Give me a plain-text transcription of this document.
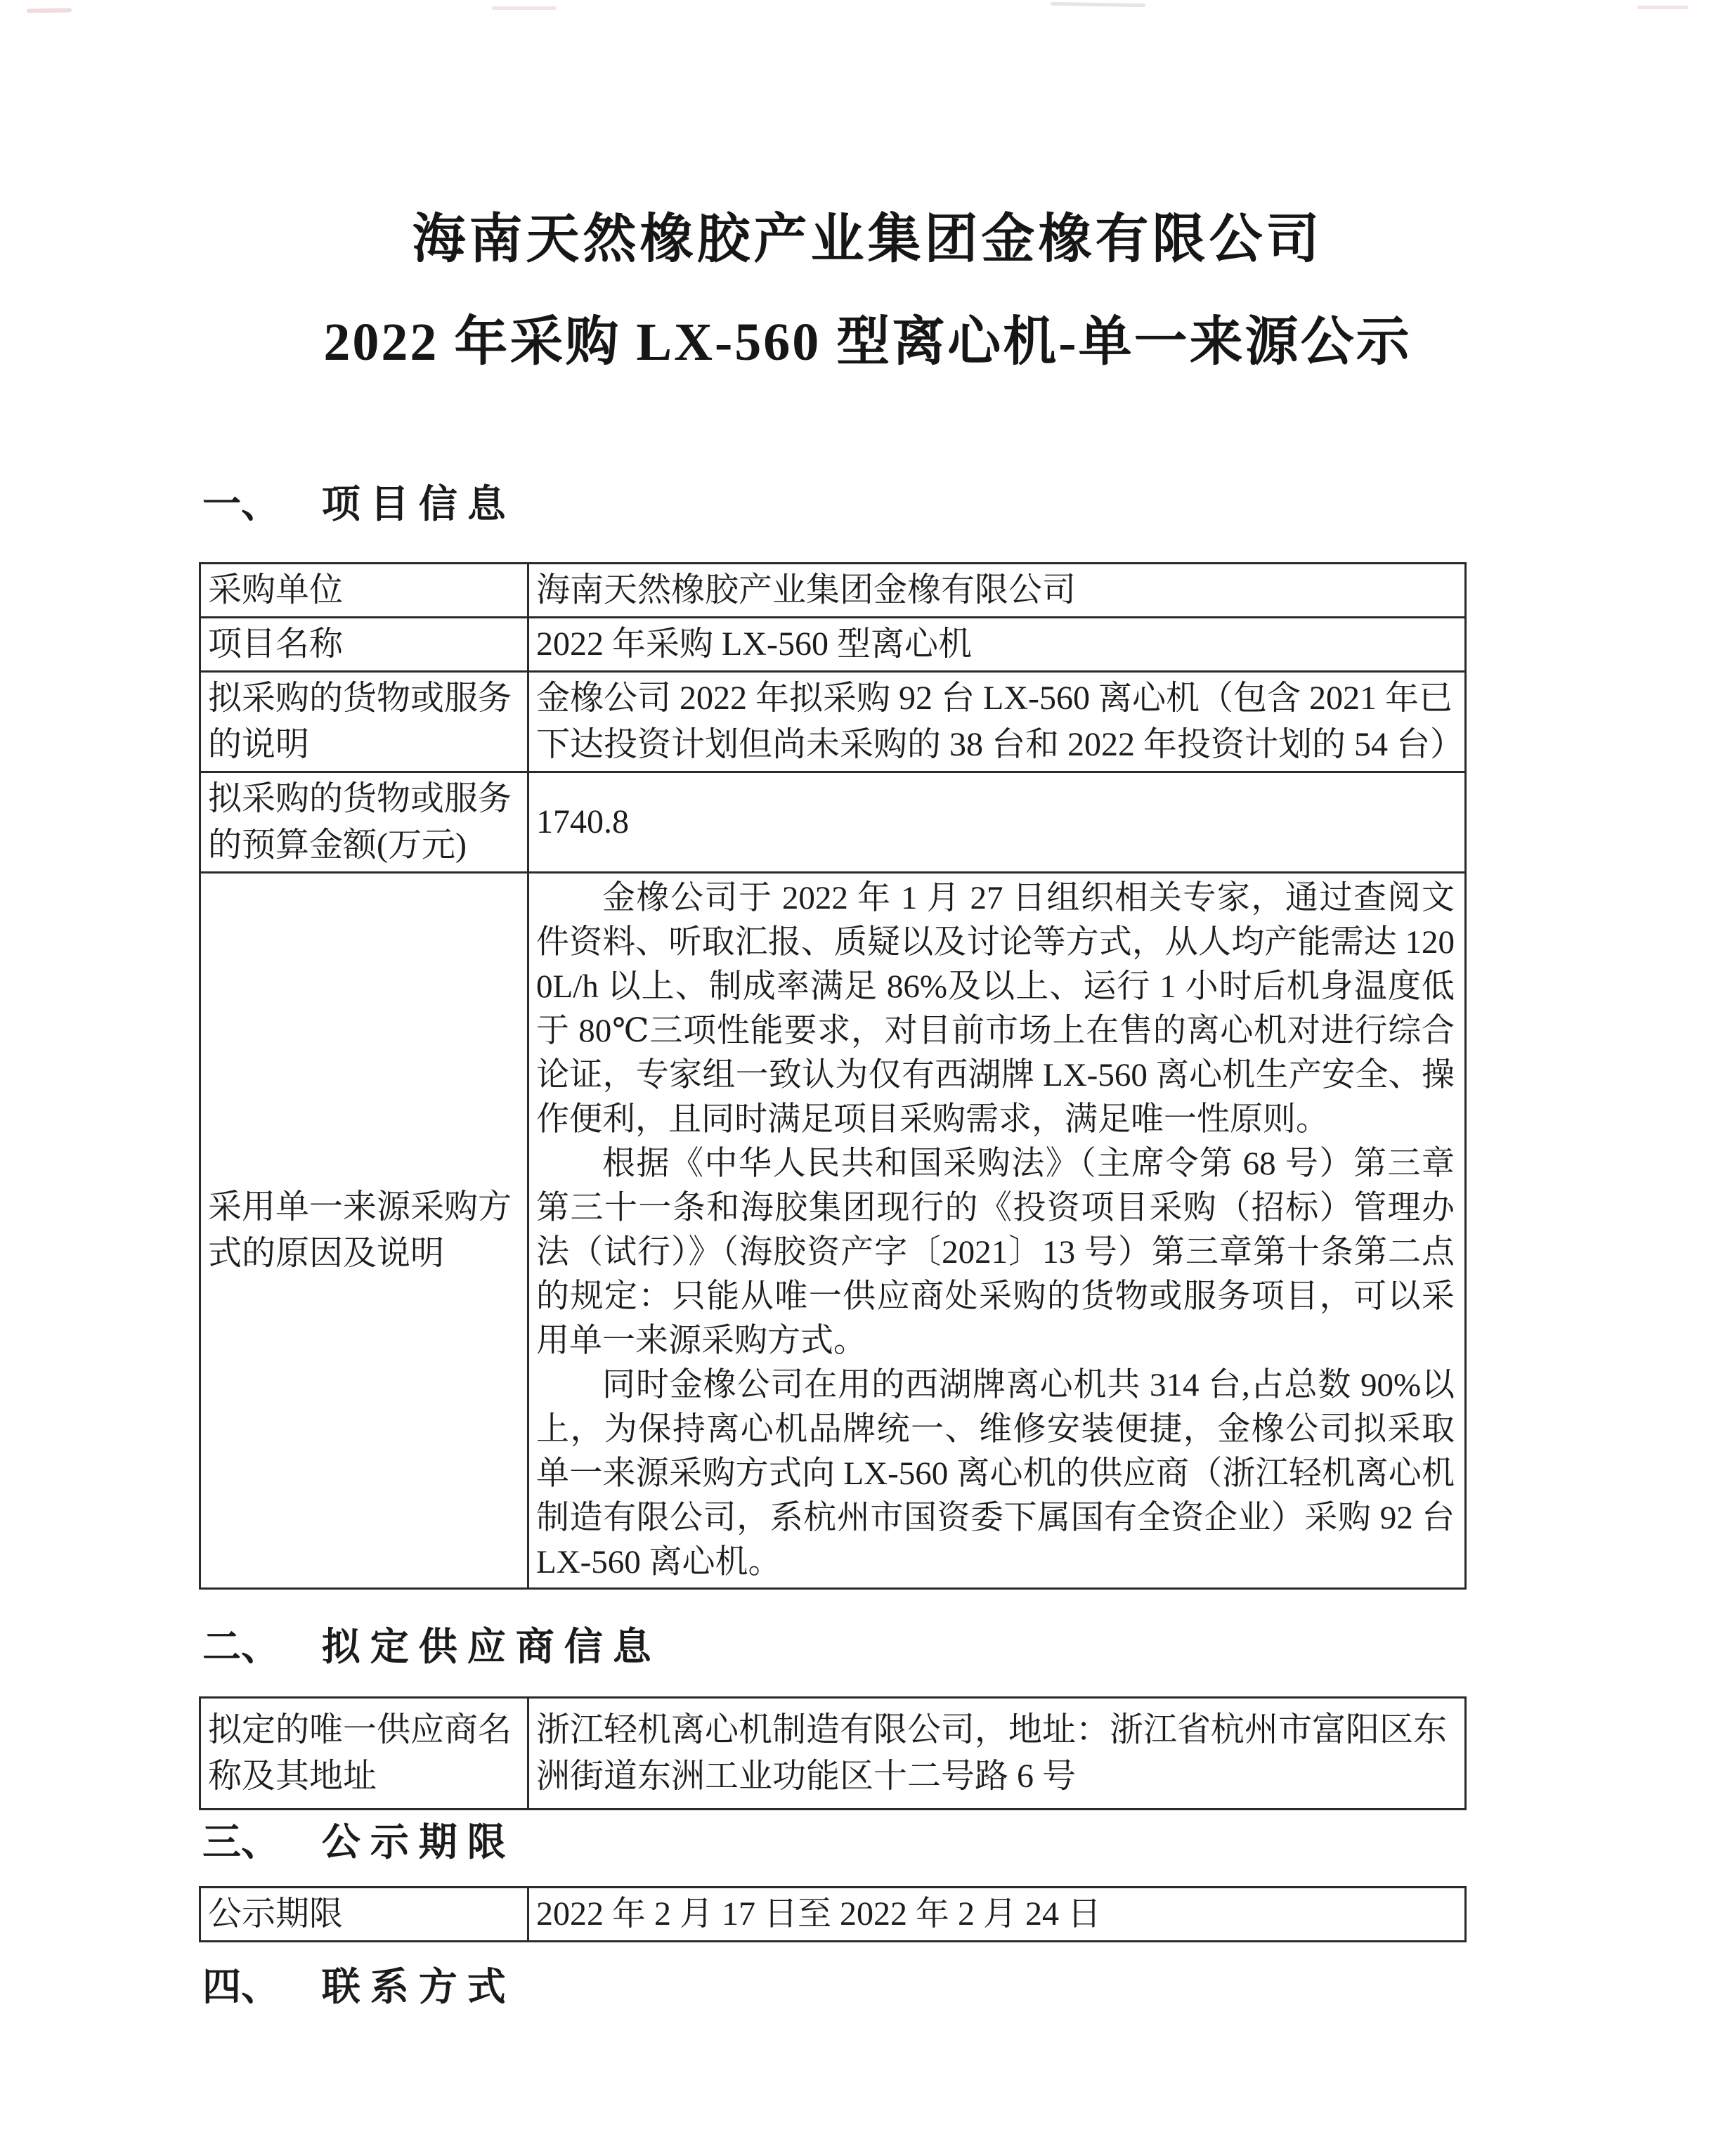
海南天然橡胶产业集团金橡有限公司
2022 年采购 LX-560 型离心机-单一来源公示
一、 项目信息
采购单位	海南天然橡胶产业集团金橡有限公司
项目名称	2022 年采购 LX-560 型离心机
拟采购的货物或服务的说明	金橡公司 2022 年拟采购 92 台 LX-560 离心机（包含 2021 年已下达投资计划但尚未采购的 38 台和 2022 年投资计划的 54 台）
拟采购的货物或服务的预算金额(万元)	1740.8
采用单一来源采购方式的原因及说明	金橡公司于 2022 年 1 月 27 日组织相关专家，通过查阅文件资料、听取汇报、质疑以及讨论等方式，从人均产能需达 1200L/h 以上、制成率满足 86%及以上、运行 1 小时后机身温度低于 80℃三项性能要求，对目前市场上在售的离心机对进行综合论证，专家组一致认为仅有西湖牌 LX-560 离心机生产安全、操作便利，且同时满足项目采购需求，满足唯一性原则。

根据《中华人民共和国采购法》（主席令第 68 号）第三章第三十一条和海胶集团现行的《投资项目采购（招标）管理办法（试行）》（海胶资产字〔2021〕13 号）第三章第十条第二点的规定：只能从唯一供应商处采购的货物或服务项目，可以采用单一来源采购方式。

同时金橡公司在用的西湖牌离心机共 314 台,占总数 90%以上，为保持离心机品牌统一、维修安装便捷，金橡公司拟采取单一来源采购方式向 LX-560 离心机的供应商（浙江轻机离心机制造有限公司，系杭州市国资委下属国有全资企业）采购 92 台 LX-560 离心机。

二、 拟定供应商信息
拟定的唯一供应商名称及其地址	浙江轻机离心机制造有限公司，地址：浙江省杭州市富阳区东洲街道东洲工业功能区十二号路 6 号
三、 公示期限
公示期限	2022 年 2 月 17 日至 2022 年 2 月 24 日
四、 联系方式
